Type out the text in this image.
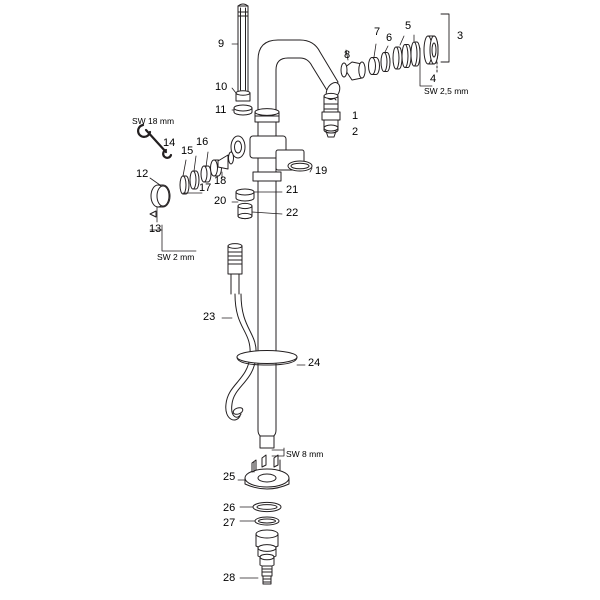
1
2
3
4
5
6
7
8
9
10
11
12
13
14
15
16
17
18
19
20
21
22
23
24
25
26
27
28
SW 2,5 mm
SW 18 mm
SW 2 mm
SW 8 mm
